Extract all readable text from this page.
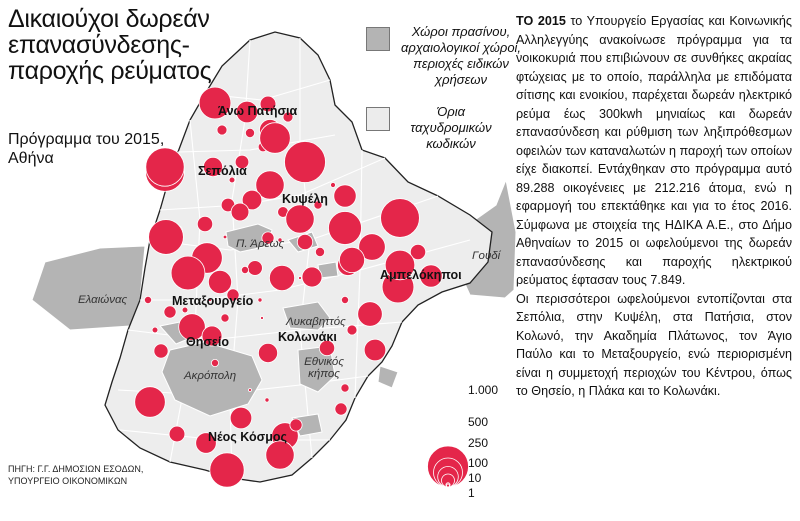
Δικαιούχοι δωρεάν επανασύνδεσης- παροχής ρεύματος
Πρόγραμμα του 2015, Αθήνα
Χώροι πρασίνου, αρχαιολογικοί χώροι, περιοχές ειδικών χρήσεων
Όρια ταχυδρομικών κωδικών
Άνω Πατήσια
Σεπόλια
Κυψέλη
Αμπελόκηποι
Μεταξουργείο
Κολωνάκι
Θησείο
Νέος Κόσμος
Π. Άρεως
Γουδί
Ελαιώνας
Λυκαβηττός
Εθνικός κήπος
Ακρόπολη
1.000
500
250
100
10
1
ΠΗΓΗ: Γ.Γ. ΔΗΜΟΣΙΩΝ ΕΣΟΔΩΝ, ΥΠΟΥΡΓΕΙΟ ΟΙΚΟΝΟΜΙΚΩΝ

ΤΟ 2015 το Υπουργείο Εργασίας και Κοινωνικής Αλληλεγγύης ανακοίνωσε πρόγραμμα για τα νοικοκυριά που επιβιώνουν σε συνθήκες ακραίας φτώχειας με το οποίο, παράλληλα με επιδόματα σίτισης και ενοικίου, παρέχεται δωρεάν ηλεκτρικό ρεύμα έως 300kwh μηνιαίως και δωρεάν επανασύνδεση και ρύθμιση των ληξιπρόθεσμων οφειλών των καταναλωτών η παροχή των οποίων είχε διακοπεί. Εντάχθηκαν στο πρόγραμμα αυτό 89.288 οικογένειες με 212.216 άτομα, ενώ η εφαρμογή του επεκτάθηκε και για το έτος 2016. Σύμφωνα με στοιχεία της ΗΔΙΚΑ Α.Ε., στο Δήμο Αθηναίων το 2015 οι ωφελούμενοι της δωρεάν επανασύνδεσης και παροχής ηλεκτρικού ρεύματος έφτασαν τους 7.849.

Οι περισσότεροι ωφελούμενοι εντοπίζονται στα Σεπόλια, στην Κυψέλη, στα Πατήσια, στον Κολωνό, την Ακαδημία Πλάτωνος, τον Άγιο Παύλο και το Μεταξουργείο, ενώ περιορισμένη είναι η συμμετοχή περιοχών του Κέντρου, όπως το Θησείο, η Πλάκα και το Κολωνάκι.
